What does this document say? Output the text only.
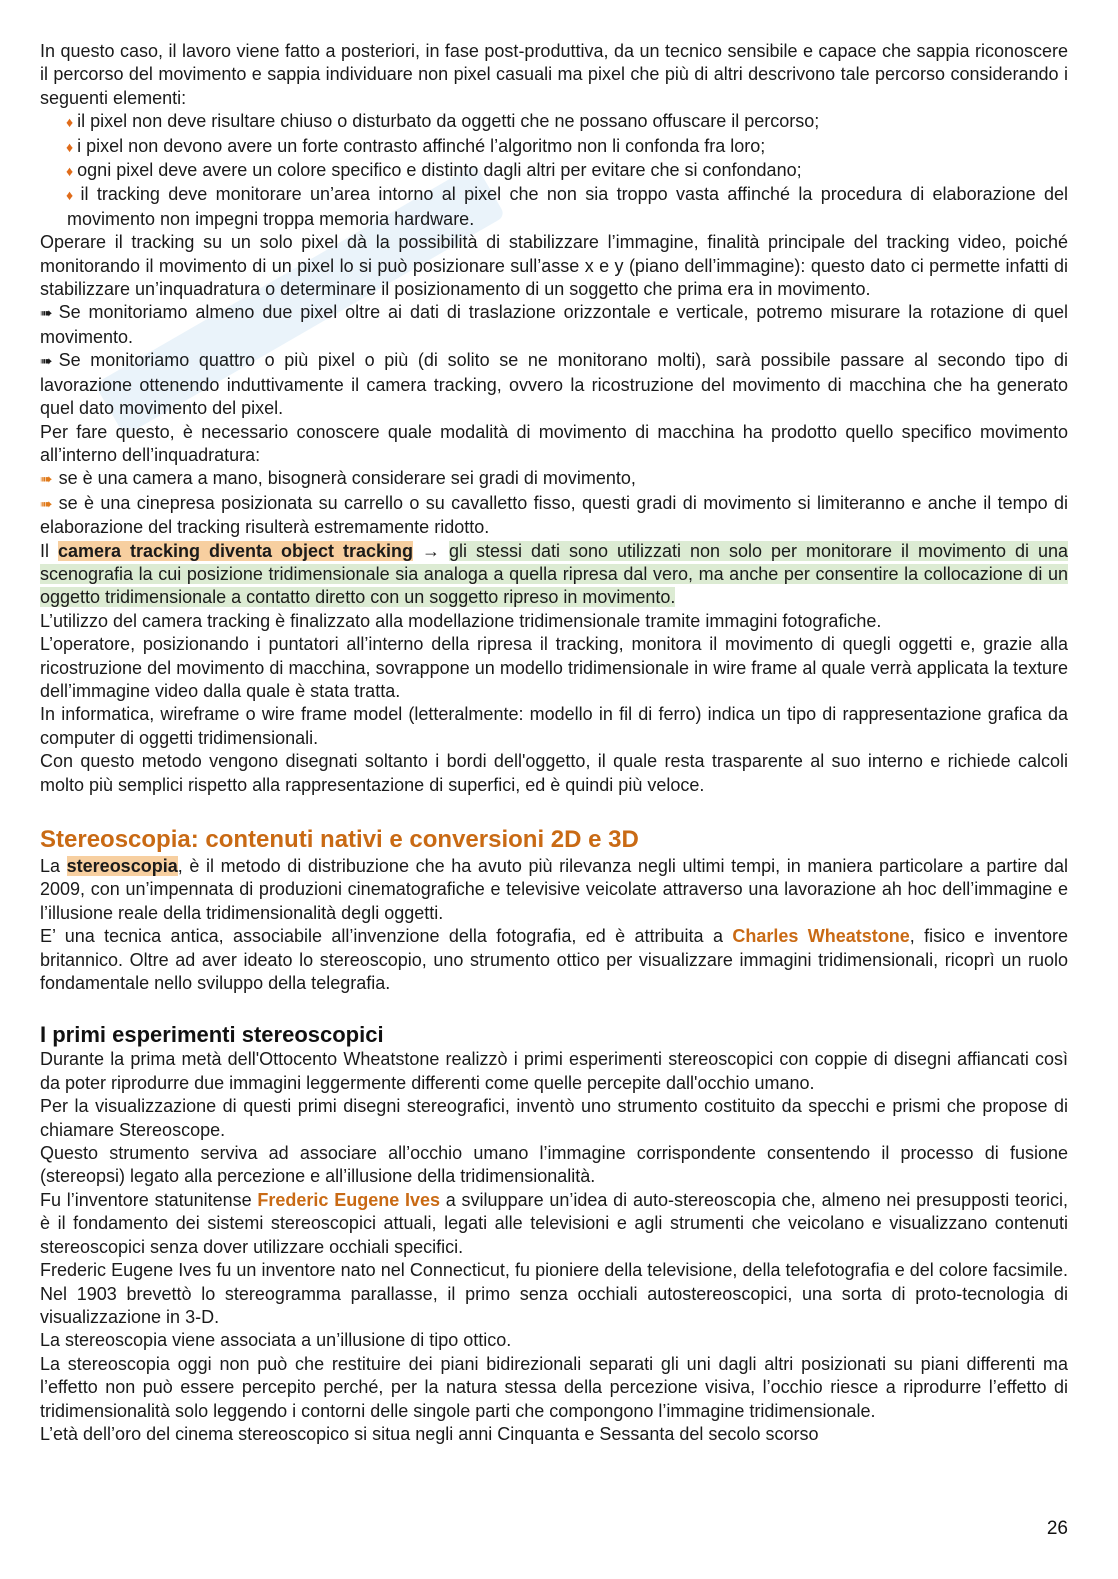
In questo caso, il lavoro viene fatto a posteriori, in fase post-produttiva, da un tecnico sensibile e capace che sappia riconoscere il percorso del movimento e sappia individuare non pixel casuali ma pixel che più di altri descrivono tale percorso considerando i seguenti elementi:

♦ il pixel non deve risultare chiuso o disturbato da oggetti che ne possano offuscare il percorso;

♦ i pixel non devono avere un forte contrasto affinché l’algoritmo non li confonda fra loro;

♦ ogni pixel deve avere un colore specifico e distinto dagli altri per evitare che si confondano;

♦ il tracking deve monitorare un’area intorno al pixel che non sia troppo vasta affinché la procedura di elaborazione del movimento non impegni troppa memoria hardware.

Operare il tracking su un solo pixel dà la possibilità di stabilizzare l’immagine, finalità principale del tracking video, poiché monitorando il movimento di un pixel lo si può posizionare sull’asse x e y (piano dell’immagine): questo dato ci permette infatti di stabilizzare un’inquadratura o determinare il posizionamento di un soggetto che prima era in movimento.

➠ Se monitoriamo almeno due pixel oltre ai dati di traslazione orizzontale e verticale, potremo misurare la rotazione di quel movimento.

➠ Se monitoriamo quattro o più pixel o più (di solito se ne monitorano molti), sarà possibile passare al secondo tipo di lavorazione ottenendo induttivamente il camera tracking, ovvero la ricostruzione del movimento di macchina che ha generato quel dato movimento del pixel.

Per fare questo, è necessario conoscere quale modalità di movimento di macchina ha prodotto quello specifico movimento all’interno dell’inquadratura:

➠ se è una camera a mano, bisognerà considerare sei gradi di movimento,

➠ se è una cinepresa posizionata su carrello o su cavalletto fisso, questi gradi di movimento si limiteranno e anche il tempo di elaborazione del tracking risulterà estremamente ridotto.

Il camera tracking diventa object tracking → gli stessi dati sono utilizzati non solo per monitorare il movimento di una scenografia la cui posizione tridimensionale sia analoga a quella ripresa dal vero, ma anche per consentire la collocazione di un oggetto tridimensionale a contatto diretto con un soggetto ripreso in movimento.

L’utilizzo del camera tracking è finalizzato alla modellazione tridimensionale tramite immagini fotografiche.

L’operatore, posizionando i puntatori all’interno della ripresa il tracking, monitora il movimento di quegli oggetti e, grazie alla ricostruzione del movimento di macchina, sovrappone un modello tridimensionale in wire frame al quale verrà applicata la texture dell’immagine video dalla quale è stata tratta.

In informatica, wireframe o wire frame model (letteralmente: modello in fil di ferro) indica un tipo di rappresentazione grafica da computer di oggetti tridimensionali.

Con questo metodo vengono disegnati soltanto i bordi dell'oggetto, il quale resta trasparente al suo interno e richiede calcoli molto più semplici rispetto alla rappresentazione di superfici, ed è quindi più veloce.

Stereoscopia: contenuti nativi e conversioni 2D e 3D

La stereoscopia, è il metodo di distribuzione che ha avuto più rilevanza negli ultimi tempi, in maniera particolare a partire dal 2009, con un’impennata di produzioni cinematografiche e televisive veicolate attraverso una lavorazione ah hoc dell’immagine e l’illusione reale della tridimensionalità degli oggetti.

E’ una tecnica antica, associabile all’invenzione della fotografia, ed è attribuita a Charles Wheatstone, fisico e inventore britannico. Oltre ad aver ideato lo stereoscopio, uno strumento ottico per visualizzare immagini tridimensionali, ricoprì un ruolo fondamentale nello sviluppo della telegrafia.

I primi esperimenti stereoscopici

Durante la prima metà dell'Ottocento Wheatstone realizzò i primi esperimenti stereoscopici con coppie di disegni affiancati così da poter riprodurre due immagini leggermente differenti come quelle percepite dall'occhio umano.

Per la visualizzazione di questi primi disegni stereografici, inventò uno strumento costituito da specchi e prismi che propose di chiamare Stereoscope.

Questo strumento serviva ad associare all’occhio umano l’immagine corrispondente consentendo il processo di fusione (stereopsi) legato alla percezione e all’illusione della tridimensionalità.

Fu l’inventore statunitense Frederic Eugene Ives a sviluppare un’idea di auto-stereoscopia che, almeno nei presupposti teorici, è il fondamento dei sistemi stereoscopici attuali, legati alle televisioni e agli strumenti che veicolano e visualizzano contenuti stereoscopici senza dover utilizzare occhiali specifici.

Frederic Eugene Ives fu un inventore nato nel Connecticut, fu pioniere della televisione, della telefotografia e del colore facsimile. Nel 1903 brevettò lo stereogramma parallasse, il primo senza occhiali autostereoscopici, una sorta di proto-tecnologia di visualizzazione in 3-D.

La stereoscopia viene associata a un’illusione di tipo ottico.

La stereoscopia oggi non può che restituire dei piani bidirezionali separati gli uni dagli altri posizionati su piani differenti ma l’effetto non può essere percepito perché, per la natura stessa della percezione visiva, l’occhio riesce a riprodurre l’effetto di tridimensionalità solo leggendo i contorni delle singole parti che compongono l’immagine tridimensionale.

L’età dell’oro del cinema stereoscopico si situa negli anni Cinquanta e Sessanta del secolo scorso

26
